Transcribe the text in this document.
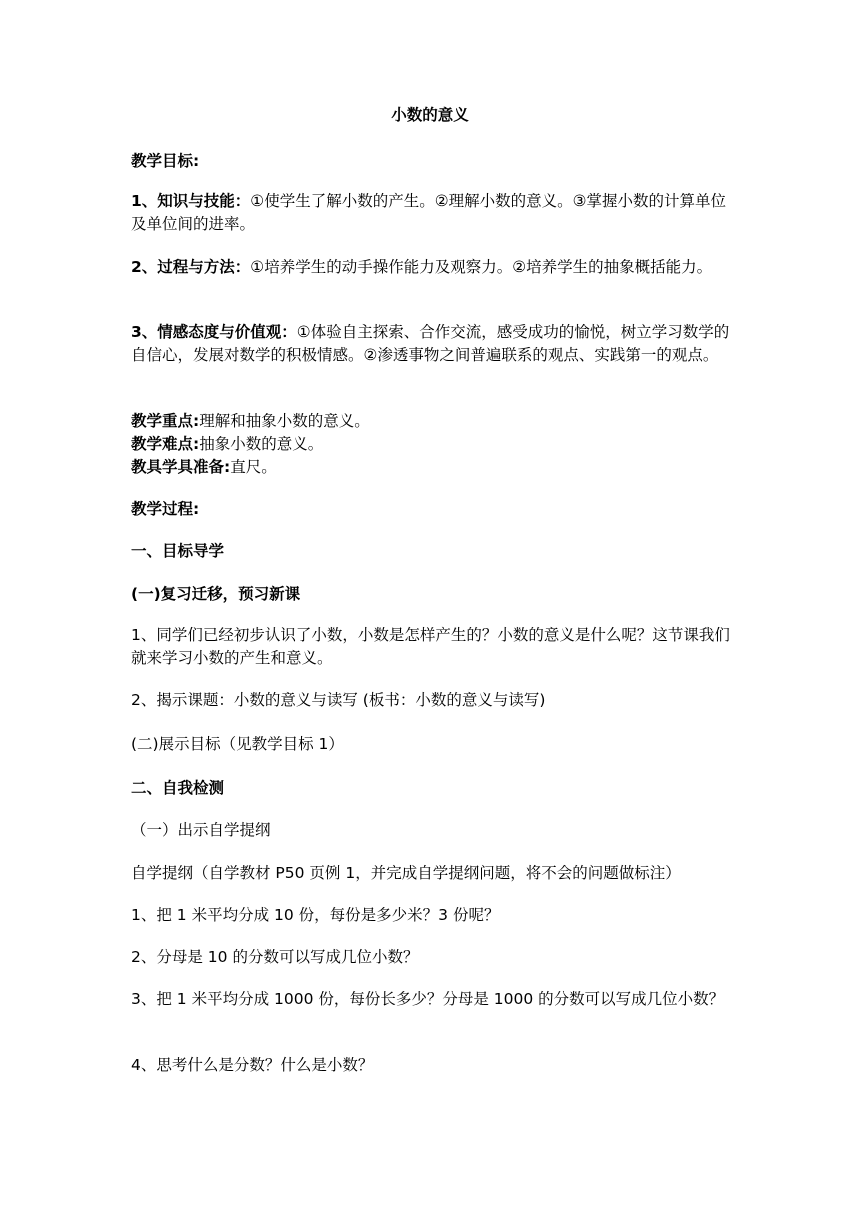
小数的意义
教学目标:
1、知识与技能：①使学生了解小数的产生。②理解小数的意义。③掌握小数的计算单位及单位间的进率。
2、过程与方法：①培养学生的动手操作能力及观察力。②培养学生的抽象概括能力。
3、情感态度与价值观：①体验自主探索、合作交流，感受成功的愉悦，树立学习数学的自信心，发展对数学的积极情感。②渗透事物之间普遍联系的观点、实践第一的观点。
教学重点:理解和抽象小数的意义。
教学难点:抽象小数的意义。
教具学具准备:直尺。
教学过程:
一、目标导学
(一)复习迁移，预习新课
1、同学们已经初步认识了小数，小数是怎样产生的？小数的意义是什么呢？这节课我们就来学习小数的产生和意义。
2、揭示课题：小数的意义与读写 (板书：小数的意义与读写)
(二)展示目标（见教学目标 1）
二、自我检测
（一）出示自学提纲
自学提纲（自学教材 P50 页例 1，并完成自学提纲问题，将不会的问题做标注）
1、把 1 米平均分成 10 份，每份是多少米？3 份呢？
2、分母是 10 的分数可以写成几位小数？
3、把 1 米平均分成 1000 份，每份长多少？分母是 1000 的分数可以写成几位小数？
4、思考什么是分数？什么是小数？
